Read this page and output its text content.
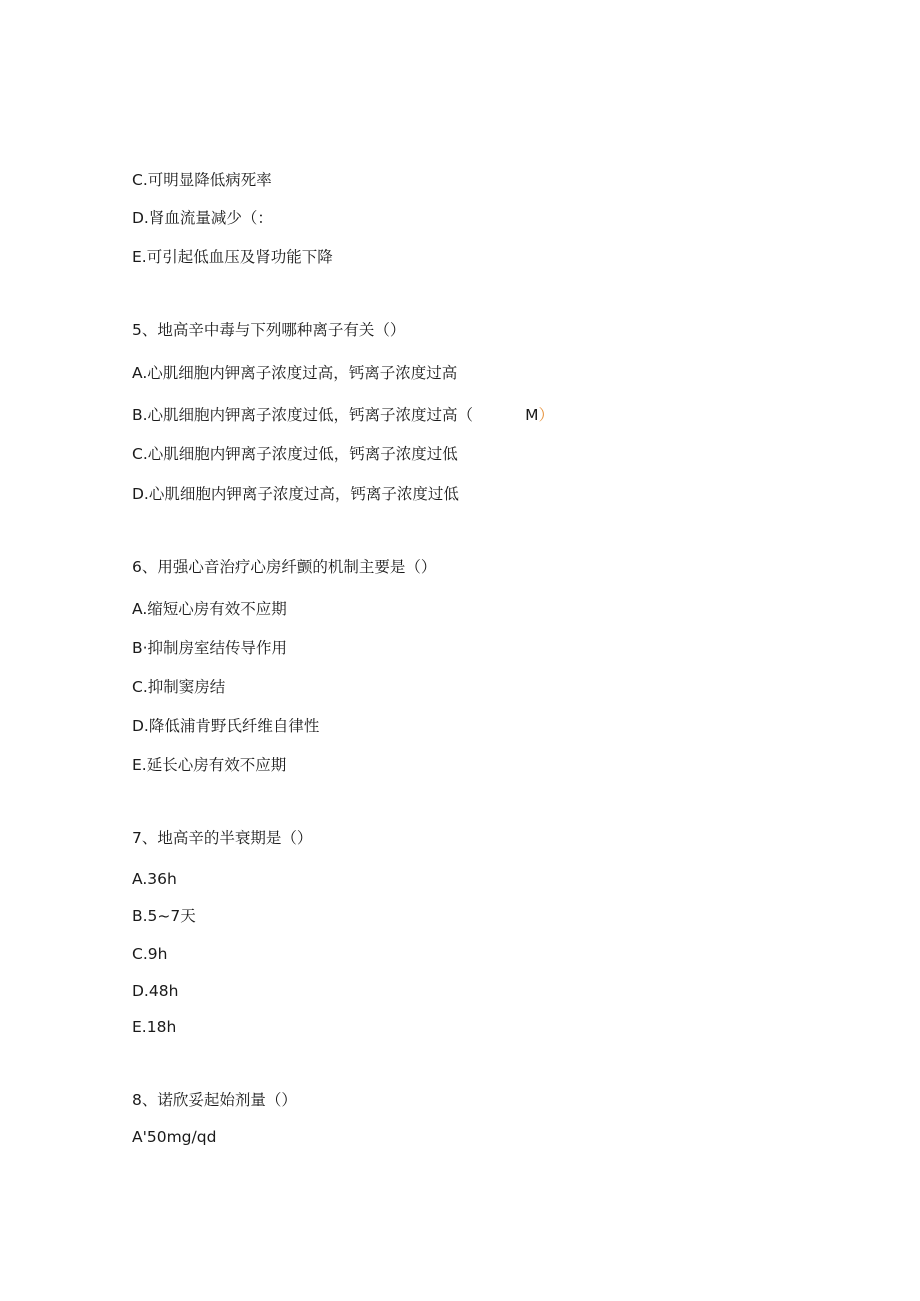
C.可明显降低病死率
D.肾血流量减少（：
E.可引起低血压及肾功能下降
5、地高辛中毒与下列哪种离子有关（）
A.心肌细胞内钾离子浓度过高，钙离子浓度过高
B.心肌细胞内钾离子浓度过低，钙离子浓度过高（	M）
C.心肌细胞内钾离子浓度过低，钙离子浓度过低
D.心肌细胞内钾离子浓度过高，钙离子浓度过低
6、用强心音治疗心房纤颤的机制主要是（）
A.缩短心房有效不应期
B·抑制房室结传导作用
C.抑制窦房结
D.降低浦肯野氏纤维自律性
E.延长心房有效不应期
7、地高辛的半衰期是（）
A.36h
B.5~7天
C.9h
D.48h
E.18h
8、诺欣妥起始剂量（）
A'50mg∕qd
